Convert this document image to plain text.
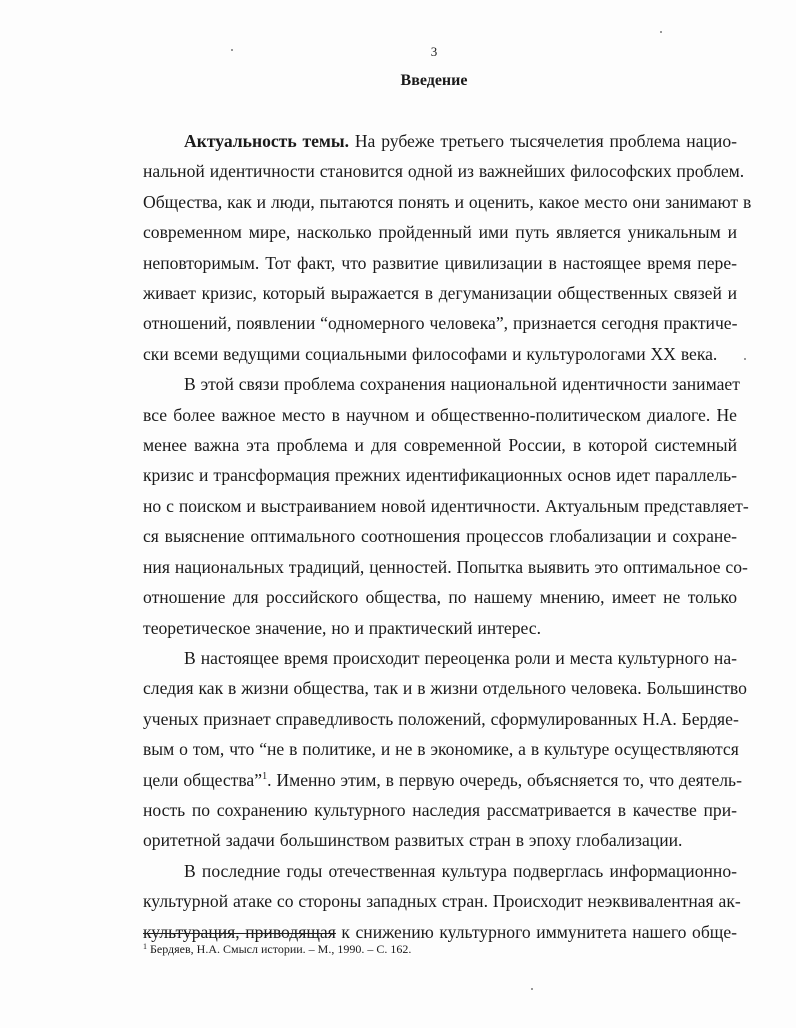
3
Введение
Актуальность темы. На рубеже третьего тысячелетия проблема нацио-
нальной идентичности становится одной из важнейших философских проблем.
Общества, как и люди, пытаются понять и оценить, какое место они занимают в
современном мире, насколько пройденный ими путь является уникальным и
неповторимым. Тот факт, что развитие цивилизации в настоящее время пере-
живает кризис, который выражается в дегуманизации общественных связей и
отношений, появлении “одномерного человека”, признается сегодня практиче-
ски всеми ведущими социальными философами и культурологами XX века.
В этой связи проблема сохранения национальной идентичности занимает
все более важное место в научном и общественно-политическом диалоге. Не
менее важна эта проблема и для современной России, в которой системный
кризис и трансформация прежних идентификационных основ идет параллель-
но с поиском и выстраиванием новой идентичности. Актуальным представляет-
ся выяснение оптимального соотношения процессов глобализации и сохране-
ния национальных традиций, ценностей. Попытка выявить это оптимальное со-
отношение для российского общества, по нашему мнению, имеет не только
теоретическое значение, но и практический интерес.
В настоящее время происходит переоценка роли и места культурного на-
следия как в жизни общества, так и в жизни отдельного человека. Большинство
ученых признает справедливость положений, сформулированных Н.А. Бердяе-
вым о том, что “не в политике, и не в экономике, а в культуре осуществляются
цели общества”$^1$. Именно этим, в первую очередь, объясняется то, что деятель-
ность по сохранению культурного наследия рассматривается в качестве при-
оритетной задачи большинством развитых стран в эпоху глобализации.
В последние годы отечественная культура подверглась информационно-
культурной атаке со стороны западных стран. Происходит неэквивалентная ак-
культурация, приводящая к снижению культурного иммунитета нашего обще-
$^1$ Бердяев, Н.А. Смысл истории. – М., 1990. – С. 162.
